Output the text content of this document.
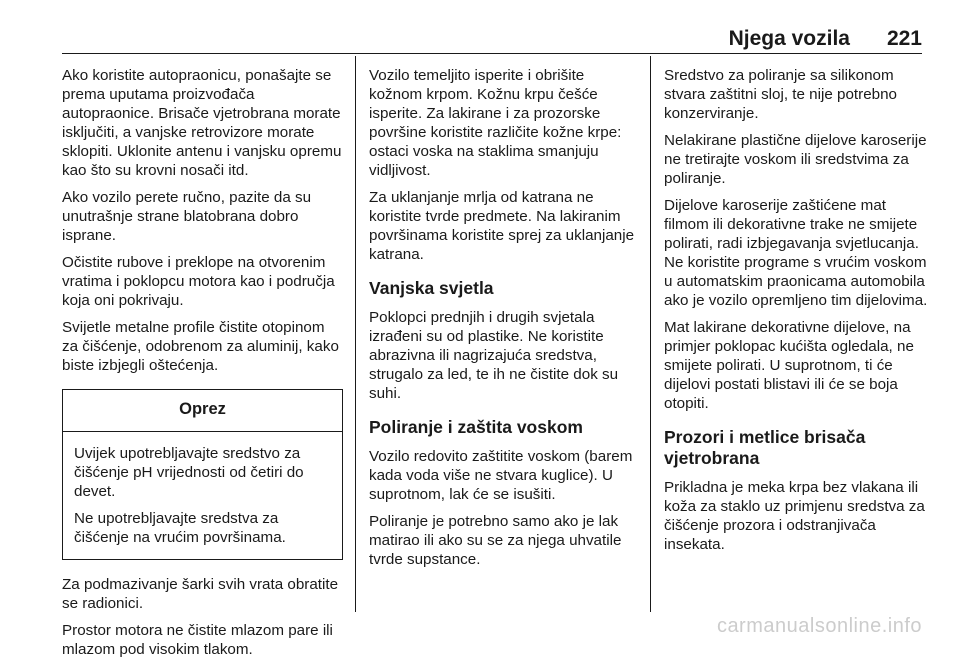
Njega vozila 221

Ako koristite autopraonicu, ponašajte se prema uputama proizvođača autopraonice. Brisače vjetrobrana morate isključiti, a vanjske retrovizore morate sklopiti. Uklonite antenu i vanjsku opremu kao što su krovni nosači itd.

Ako vozilo perete ručno, pazite da su unutrašnje strane blatobrana dobro isprane.

Očistite rubove i preklope na otvorenim vratima i poklopcu motora kao i područja koja oni pokrivaju.

Svijetle metalne profile čistite otopinom za čišćenje, odobrenom za aluminij, kako biste izbjegli oštećenja.

Oprez

Uvijek upotrebljavajte sredstvo za čišćenje pH vrijednosti od četiri do devet.

Ne upotrebljavajte sredstva za čišćenje na vrućim površinama.

Za podmazivanje šarki svih vrata obratite se radionici.

Prostor motora ne čistite mlazom pare ili mlazom pod visokim tlakom.

Vozilo temeljito isperite i obrišite kožnom krpom. Kožnu krpu češće isperite. Za lakirane i za prozorske površine koristite različite kožne krpe: ostaci voska na staklima smanjuju vidljivost.

Za uklanjanje mrlja od katrana ne koristite tvrde predmete. Na lakiranim površinama koristite sprej za uklanjanje katrana.

Vanjska svjetla

Poklopci prednjih i drugih svjetala izrađeni su od plastike. Ne koristite abrazivna ili nagrizajuća sredstva, strugalo za led, te ih ne čistite dok su suhi.

Poliranje i zaštita voskom

Vozilo redovito zaštitite voskom (barem kada voda više ne stvara kuglice). U suprotnom, lak će se isušiti.

Poliranje je potrebno samo ako je lak matirao ili ako su se za njega uhvatile tvrde supstance.

Sredstvo za poliranje sa silikonom stvara zaštitni sloj, te nije potrebno konzerviranje.

Nelakirane plastične dijelove karoserije ne tretirajte voskom ili sredstvima za poliranje.

Dijelove karoserije zaštićene mat filmom ili dekorativne trake ne smijete polirati, radi izbjegavanja svjetlucanja. Ne koristite programe s vrućim voskom u automatskim praonicama automobila ako je vozilo opremljeno tim dijelovima.

Mat lakirane dekorativne dijelove, na primjer poklopac kućišta ogledala, ne smijete polirati. U suprotnom, ti će dijelovi postati blistavi ili će se boja otopiti.

Prozori i metlice brisača vjetrobrana

Prikladna je meka krpa bez vlakana ili koža za staklo uz primjenu sredstva za čišćenje prozora i odstranjivača insekata.

carmanualsonline.info
